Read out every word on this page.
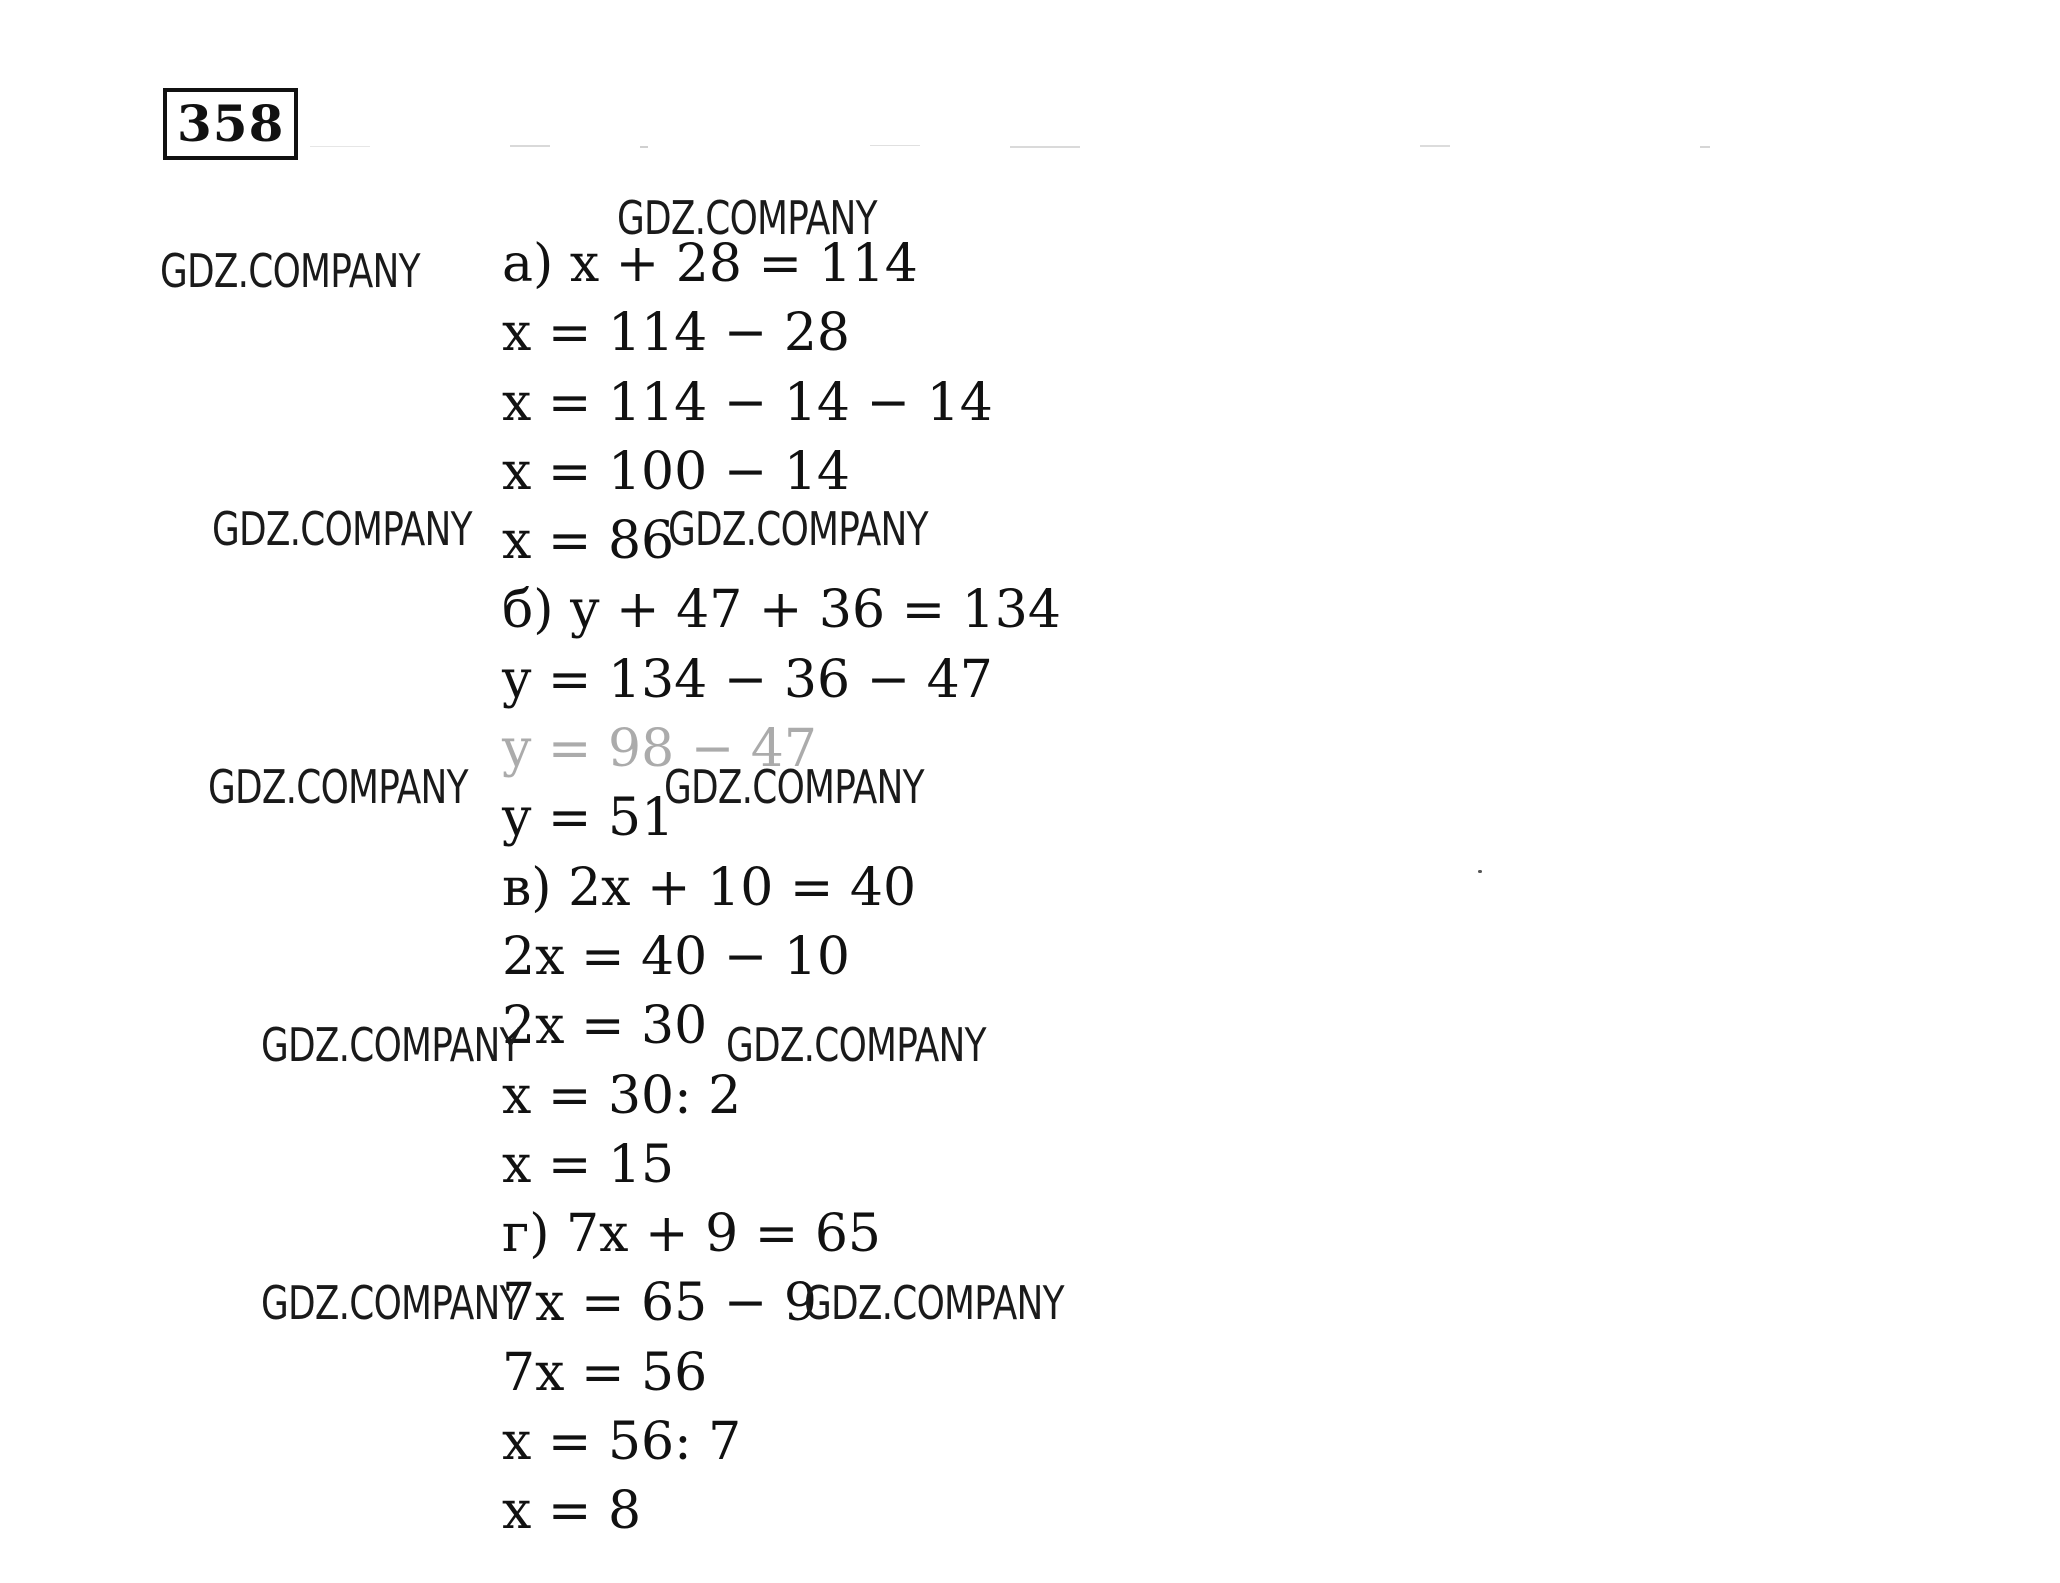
358
а) x + 28 = 114
x = 114 − 28
x = 114 − 14 − 14
x = 100 − 14
x = 86
б) y + 47 + 36 = 134
y = 134 − 36 − 47
y = 98 − 47
y = 51
в) 2x + 10 = 40
2x = 40 − 10
2x = 30
x = 30: 2
x = 15
г) 7x + 9 = 65
7x = 65 − 9
7x = 56
x = 56: 7
x = 8
GDZ.COMPANY
GDZ.COMPANY
GDZ.COMPANY	GDZ.COMPANY
GDZ.COMPANY	GDZ.COMPANY
GDZ.COMPANY	GDZ.COMPANY
GDZ.COMPANY	GDZ.COMPANY
